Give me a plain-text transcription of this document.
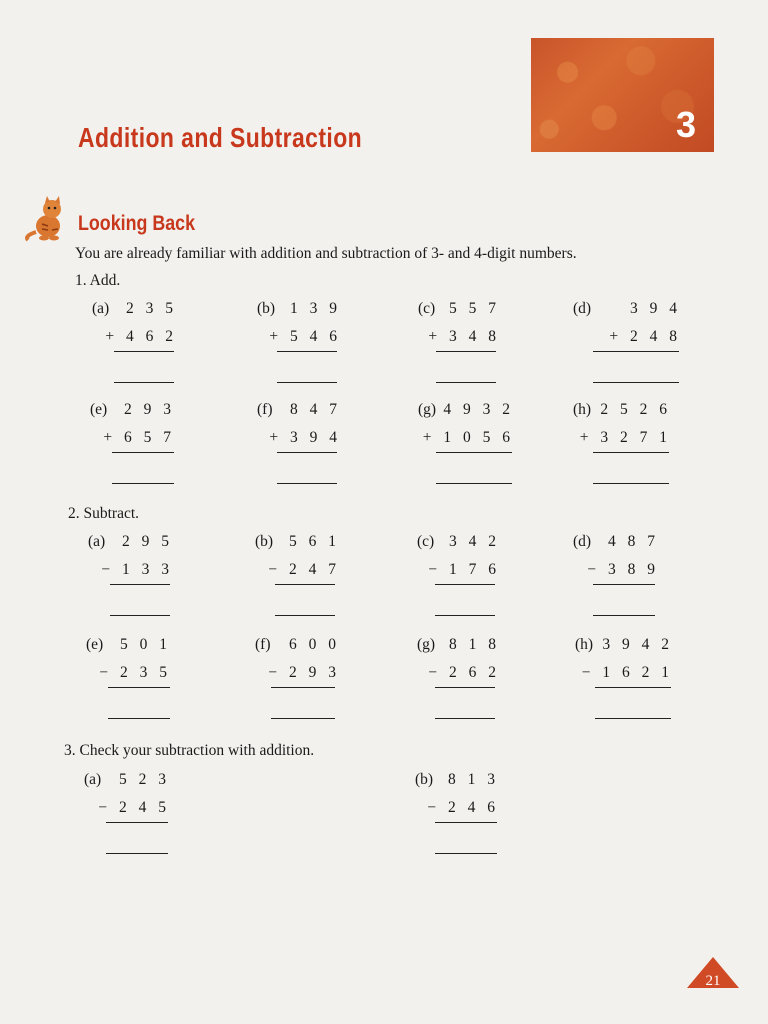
3
Addition and Subtraction
Looking Back
You are already familiar with addition and subtraction of 3- and 4-digit numbers.
1. Add.
(a) 2 3 5
+ 4 6 2
(b) 1 3 9
+ 5 4 6
(c) 5 5 7
+ 3 4 8
(d)	3 9 4
+ 2 4 8
(e) 2 9 3
+ 6 5 7
(f) 8 4 7
+ 3 9 4
(g) 4 9 3 2
+ 1 0 5 6
(h) 2 5 2 6
+ 3 2 7 1
2. Subtract.
(a) 2 9 5
− 1 3 3
(b) 5 6 1
− 2 4 7
(c) 3 4 2
− 1 7 6
(d) 4 8 7
− 3 8 9
(e) 5 0 1
− 2 3 5
(f) 6 0 0
− 2 9 3
(g) 8 1 8
− 2 6 2
(h) 3 9 4 2
− 1 6 2 1
3. Check your subtraction with addition.
(a) 5 2 3
− 2 4 5
(b) 8 1 3
− 2 4 6
21
